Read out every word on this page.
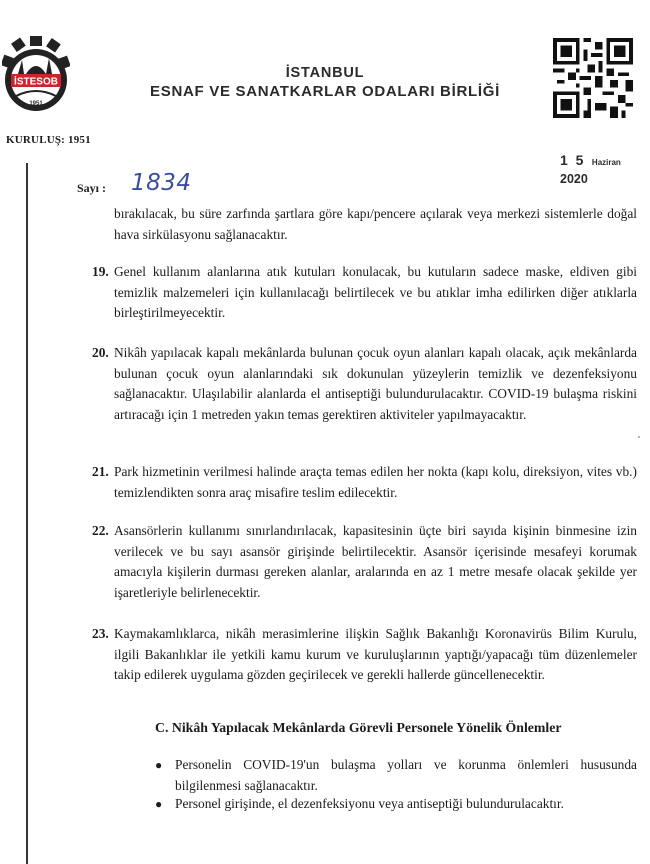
İSTESOB
1951
KURULUŞ: 1951
İSTANBUL
ESNAF VE SANATKARLAR ODALARI BİRLİĞİ
1 5 Haziran 2020
Sayı : 1834
bırakılacak, bu süre zarfında şartlara göre kapı/pencere açılarak veya merkezi sistemlerle doğal hava sirkülasyonu sağlanacaktır.
19. Genel kullanım alanlarına atık kutuları konulacak, bu kutuların sadece maske, eldiven gibi temizlik malzemeleri için kullanılacağı belirtilecek ve bu atıklar imha edilirken diğer atıklarla birleştirilmeyecektir.
20. Nikâh yapılacak kapalı mekânlarda bulunan çocuk oyun alanları kapalı olacak, açık mekânlarda bulunan çocuk oyun alanlarındaki sık dokunulan yüzeylerin temizlik ve dezenfeksiyonu sağlanacaktır. Ulaşılabilir alanlarda el antiseptiği bulundurulacaktır. COVID-19 bulaşma riskini artıracağı için 1 metreden yakın temas gerektiren aktiviteler yapılmayacaktır.
21. Park hizmetinin verilmesi halinde araçta temas edilen her nokta (kapı kolu, direksiyon, vites vb.) temizlendikten sonra araç misafire teslim edilecektir.
22. Asansörlerin kullanımı sınırlandırılacak, kapasitesinin üçte biri sayıda kişinin binmesine izin verilecek ve bu sayı asansör girişinde belirtilecektir. Asansör içerisinde mesafeyi korumak amacıyla kişilerin durması gereken alanlar, aralarında en az 1 metre mesafe olacak şekilde yer işaretleriyle belirlenecektir.
23. Kaymakamlıklarca, nikâh merasimlerine ilişkin Sağlık Bakanlığı Koronavirüs Bilim Kurulu, ilgili Bakanlıklar ile yetkili kamu kurum ve kuruluşlarının yaptığı/yapacağı tüm düzenlemeler takip edilerek uygulama gözden geçirilecek ve gerekli hallerde güncellenecektir.
C. Nikâh Yapılacak Mekânlarda Görevli Personele Yönelik Önlemler
● Personelin COVID-19'un bulaşma yolları ve korunma önlemleri hususunda bilgilenmesi sağlanacaktır.
● Personel girişinde, el dezenfeksiyonu veya antiseptiği bulundurulacaktır.
